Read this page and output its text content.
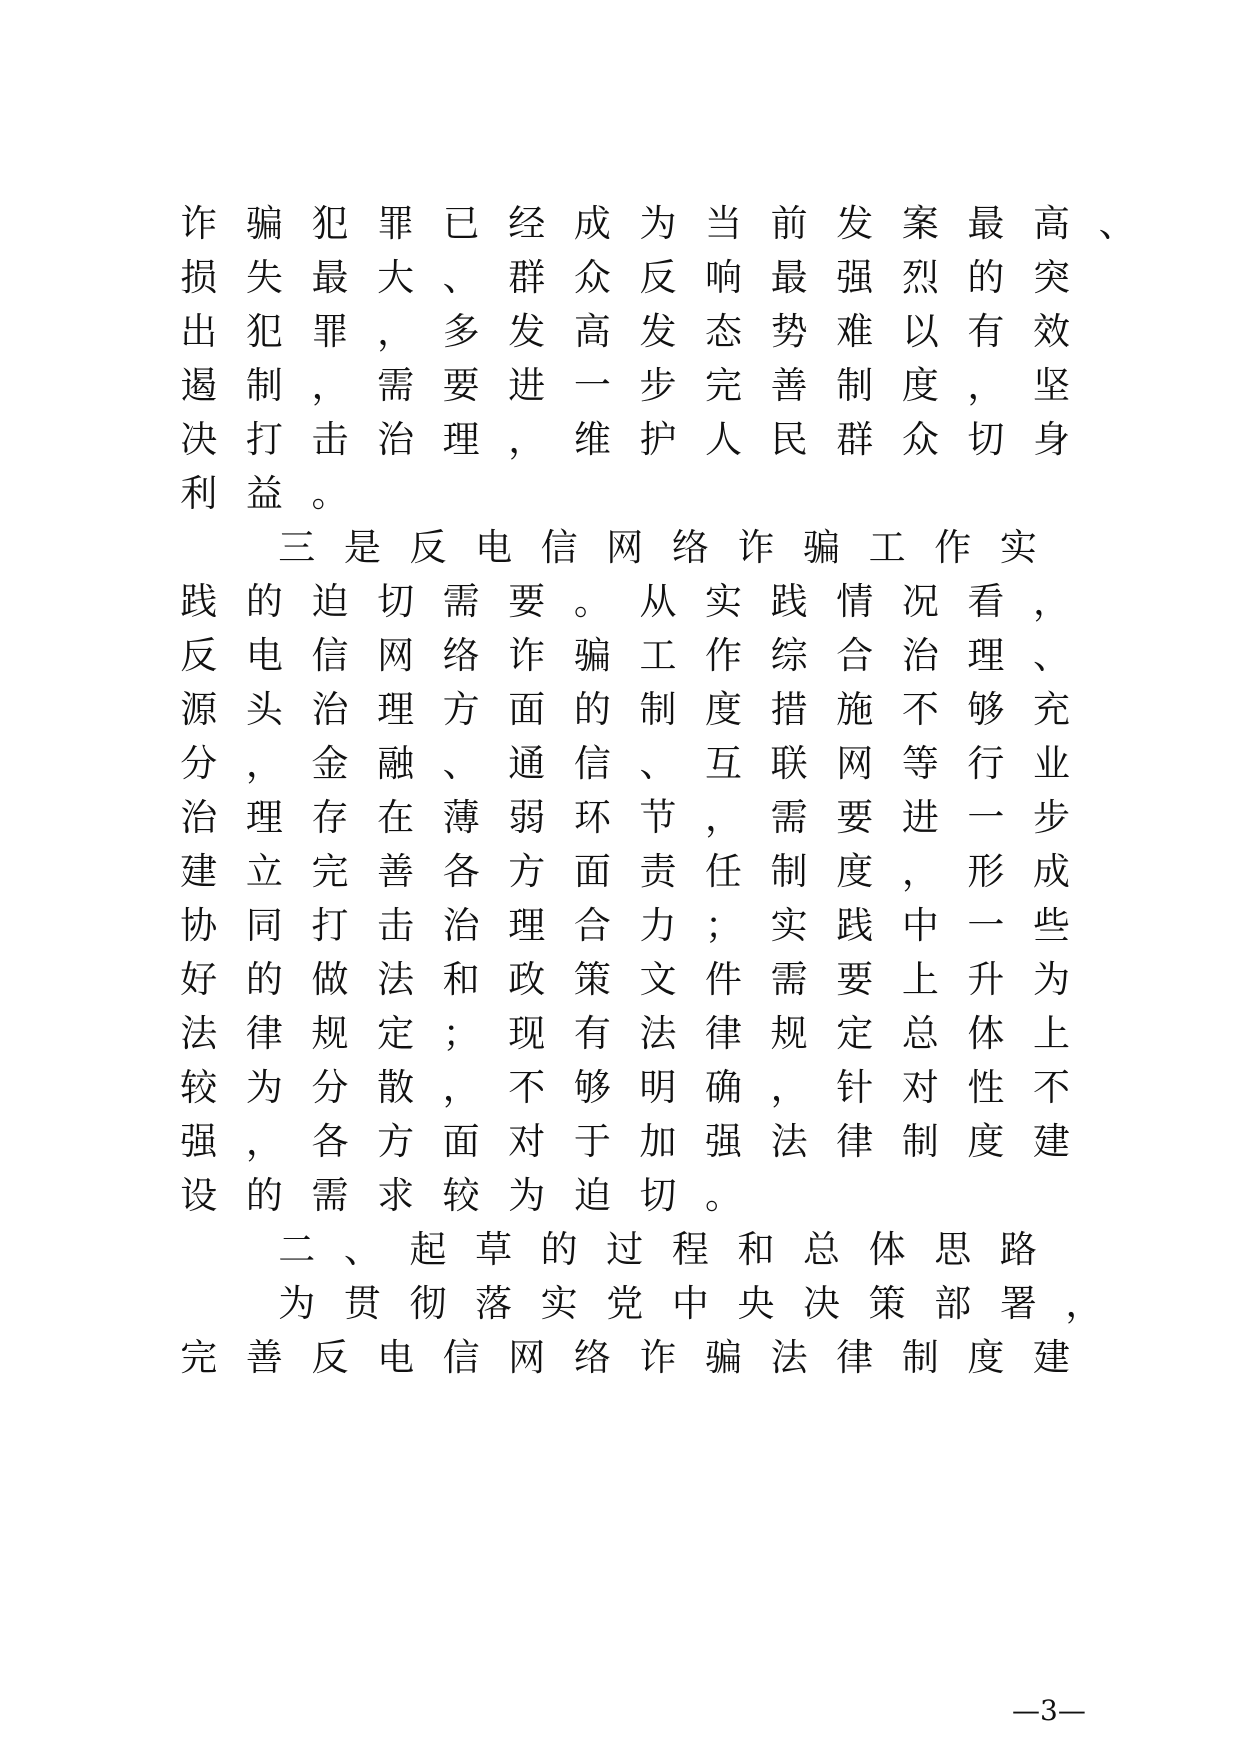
诈 骗 犯 罪 已 经 成 为 当 前 发 案 最 高 、
损 失 最 大 、 群 众 反 响 最 强 烈 的 突
出 犯 罪 ， 多 发 高 发 态 势 难 以 有 效
遏 制 ， 需 要 进 一 步 完 善 制 度 ， 坚
决 打 击 治 理 ， 维 护 人 民 群 众 切 身
利 益 。
三 是 反 电 信 网 络 诈 骗 工 作 实
践 的 迫 切 需 要 。 从 实 践 情 况 看 ，
反 电 信 网 络 诈 骗 工 作 综 合 治 理 、
源 头 治 理 方 面 的 制 度 措 施 不 够 充
分 ， 金 融 、 通 信 、 互 联 网 等 行 业
治 理 存 在 薄 弱 环 节 ， 需 要 进 一 步
建 立 完 善 各 方 面 责 任 制 度 ， 形 成
协 同 打 击 治 理 合 力 ； 实 践 中 一 些
好 的 做 法 和 政 策 文 件 需 要 上 升 为
法 律 规 定 ； 现 有 法 律 规 定 总 体 上
较 为 分 散 ， 不 够 明 确 ， 针 对 性 不
强 ， 各 方 面 对 于 加 强 法 律 制 度 建
设 的 需 求 较 为 迫 切 。
二 、 起 草 的 过 程 和 总 体 思 路
为 贯 彻 落 实 党 中 央 决 策 部 署 ，
完 善 反 电 信 网 络 诈 骗 法 律 制 度 建
—3—
